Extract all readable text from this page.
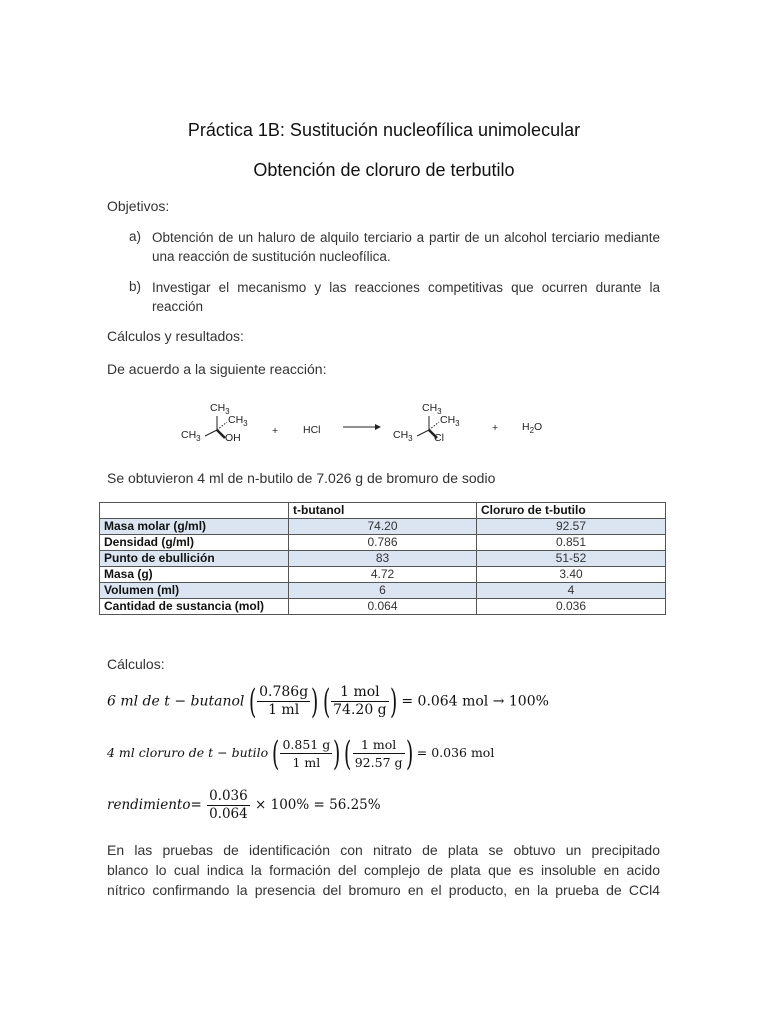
Práctica 1B: Sustitución nucleofílica unimolecular
Obtención de cloruro de terbutilo
Objetivos:
a) Obtención de un haluro de alquilo terciario a partir de un alcohol terciario mediante
una reacción de sustitución nucleofílica.
b) Investigar el mecanismo y las reacciones competitivas que ocurren durante la
reacción
Cálculos y resultados:
De acuerdo a la siguiente reacción:
$CH_3$
$CH_3$
$CH_3$ OH
+ HCl →
$CH_3$
$CH_3$
$CH_3$ Cl
+ $H_2O$
Se obtuvieron 4 ml de n-butilo de 7.026 g de bromuro de sodio
	t-butanol	Cloruro de t-butilo
Masa molar (g/ml)	74.20	92.57
Densidad (g/ml)	0.786	0.851
Punto de ebullición	83	51-52
Masa (g)	4.72	3.40
Volumen (ml)	6	4
Cantidad de sustancia (mol)	0.064	0.036
Cálculos:
6 ml de t − butanol ( $\frac{0.786g}{1 ml}$ ) ( $\frac{\text{1 mol}}{74.20 g}$ ) = 0.064 mol → 100%
4 ml cloruro de t − butilo ( $\frac{0.851 g}{1 ml}$ ) ( $\frac{\text{1 mol}}{92.57 g}$ ) = 0.036 mol
rendimiento= $\frac{0.036}{0.064} \times 100\% = 56.25\%$
En las pruebas de identificación con nitrato de plata se obtuvo un precipitado
blanco lo cual indica la formación del complejo de plata que es insoluble en acido
nítrico confirmando la presencia del bromuro en el producto, en la prueba de CCl4
